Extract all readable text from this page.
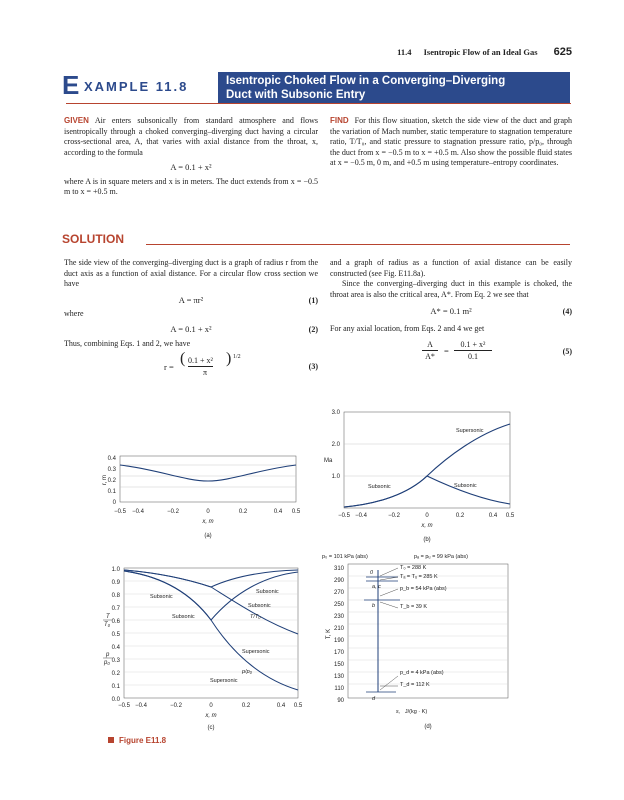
11.4 Isentropic Flow of an Ideal Gas 625
E XAMPLE 11.8	Isentropic Choked Flow in a Converging–Diverging
Duct with Subsonic Entry
GIVEN Air enters subsonically from standard atmosphere and flows isentropically through a choked converging–diverging duct having a circular cross-sectional area, A, that varies with axial distance from the throat, x, according to the formula
A = 0.1 + x²
where A is in square meters and x is in meters. The duct extends from x = −0.5 m to x = +0.5 m.
FIND For this flow situation, sketch the side view of the duct and graph the variation of Mach number, static temperature to stagnation temperature ratio, T/T₀, and static pressure to stagnation pressure ratio, p/p₀, through the duct from x = −0.5 m to x = +0.5 m. Also show the possible fluid states at x = −0.5 m, 0 m, and +0.5 m using temperature–entropy coordinates.
SOLUTION
The side view of the converging–diverging duct is a graph of radius r from the duct axis as a function of axial distance. For a circular flow cross section we have
A = πr²	(1)
where
A = 0.1 + x²	(2)
Thus, combining Eqs. 1 and 2, we have
r = ( 0.1 + x²
π
) 1/2
(3)
and a graph of radius as a function of axial distance can be easily constructed (see Fig. E11.8a).
Since the converging–diverging duct in this example is choked, the throat area is also the critical area, A*. From Eq. 2 we see that
A* = 0.1 m²	(4)
For any axial location, from Eqs. 2 and 4 we get
A
A*
=
0.1 + x²
0.1
(5)
0.4
0.3
0.2
0.1
0
r, m
−0.5 −0.4	−0.2	0	0.2	0.4 0.5
x, m
(a)
3.0
2.0
1.0
Ma
Supersonic
Subsonic	Subsonic
−0.5 −0.4	−0.2	0	0.2	0.4 0.5
x, m
(b)
1.0
0.9
0.8
0.7
0.6
0.5
0.4
0.3
0.2
0.1
0.0
T
T₀
p
p₀
Subsonic
Subsonic
Subsonic
Subsonic
T/T₀
Supersonic
p/p₀
Supersonic
−0.5 −0.4	−0.2	0	0.2	0.4 0.5
x, m
(c)
p₀ = 101 kPa (abs)	pₐ = pᵤ = 99 kPa (abs)
310
290
270
250
230
210
190
170
150
130
110
90
T, K
0
a, c
b
d
T₀ = 288 K
Tₐ = Tᵤ = 285 K
p_b = 54 kPa (abs)
T_b = 39 K
p_d = 4 kPa (abs)
T_d = 112 K
s, J/(kg · K)
(d)
Figure E11.8
